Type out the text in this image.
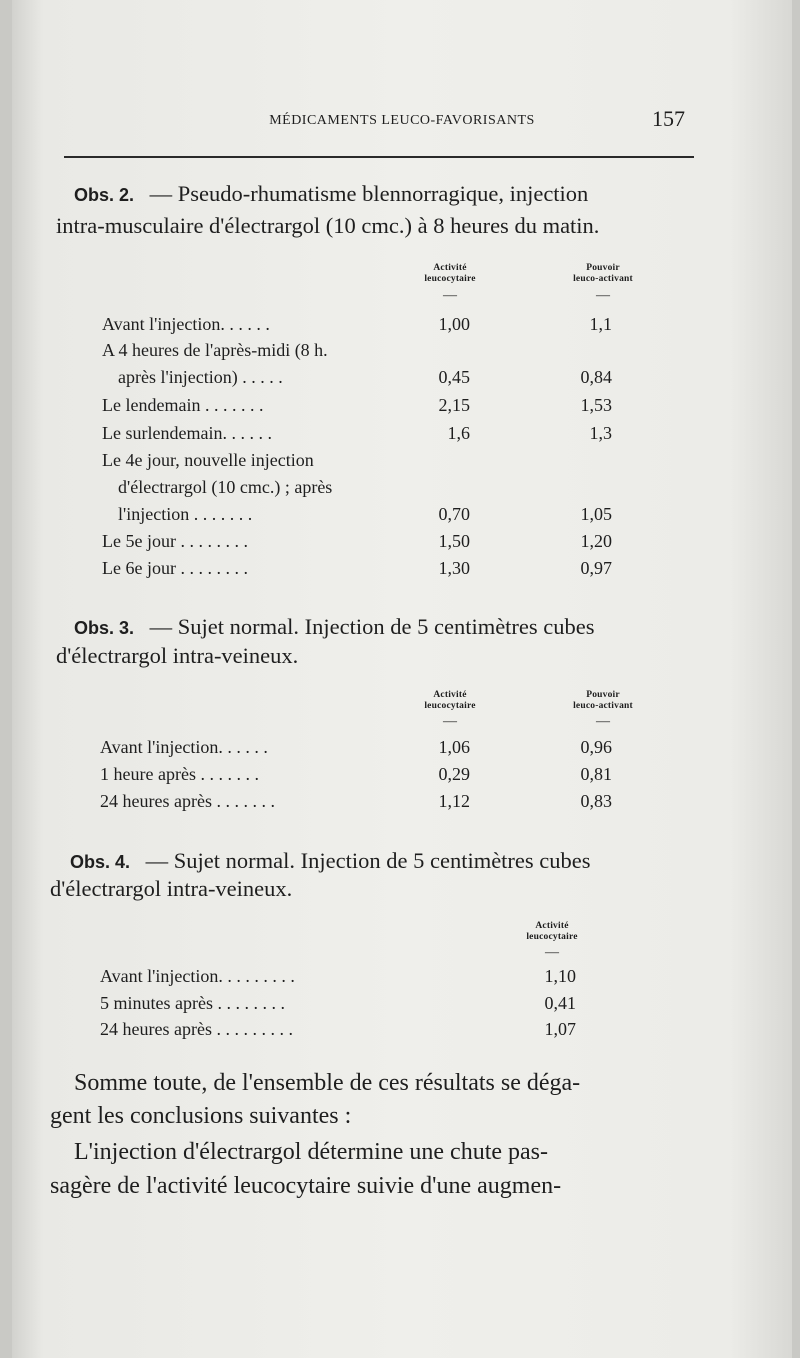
MÉDICAMENTS LEUCO-FAVORISANTS	157
Obs. 2. — Pseudo-rhumatisme blennorragique, injection
intra-musculaire d'électrargol (10 cmc.) à 8 heures du matin.
Activité
leucocytaire
Pouvoir
leuco-activant
—	—
Avant l'injection. . . . . .	1,00	1,1
A 4 heures de l'après-midi (8 h.
après l'injection) . . . . .	0,45	0,84
Le lendemain . . . . . . .	2,15	1,53
Le surlendemain. . . . . .	1,6	1,3
Le 4e jour, nouvelle injection
d'électrargol (10 cmc.) ; après
l'injection . . . . . . .	0,70	1,05
Le 5e jour . . . . . . . .	1,50	1,20
Le 6e jour . . . . . . . .	1,30	0,97
Obs. 3. — Sujet normal. Injection de 5 centimètres cubes
d'électrargol intra-veineux.
Activité
leucocytaire
Pouvoir
leuco-activant
—	—
Avant l'injection. . . . . .	1,06	0,96
1 heure après . . . . . . .	0,29	0,81
24 heures après . . . . . . .	1,12	0,83
Obs. 4. — Sujet normal. Injection de 5 centimètres cubes
d'électrargol intra-veineux.
Activité
leucocytaire
—
Avant l'injection. . . . . . . . .	1,10
5 minutes après . . . . . . . .	0,41
24 heures après . . . . . . . . .	1,07
Somme toute, de l'ensemble de ces résultats se déga-
gent les conclusions suivantes :
L'injection d'électrargol détermine une chute pas-
sagère de l'activité leucocytaire suivie d'une augmen-
